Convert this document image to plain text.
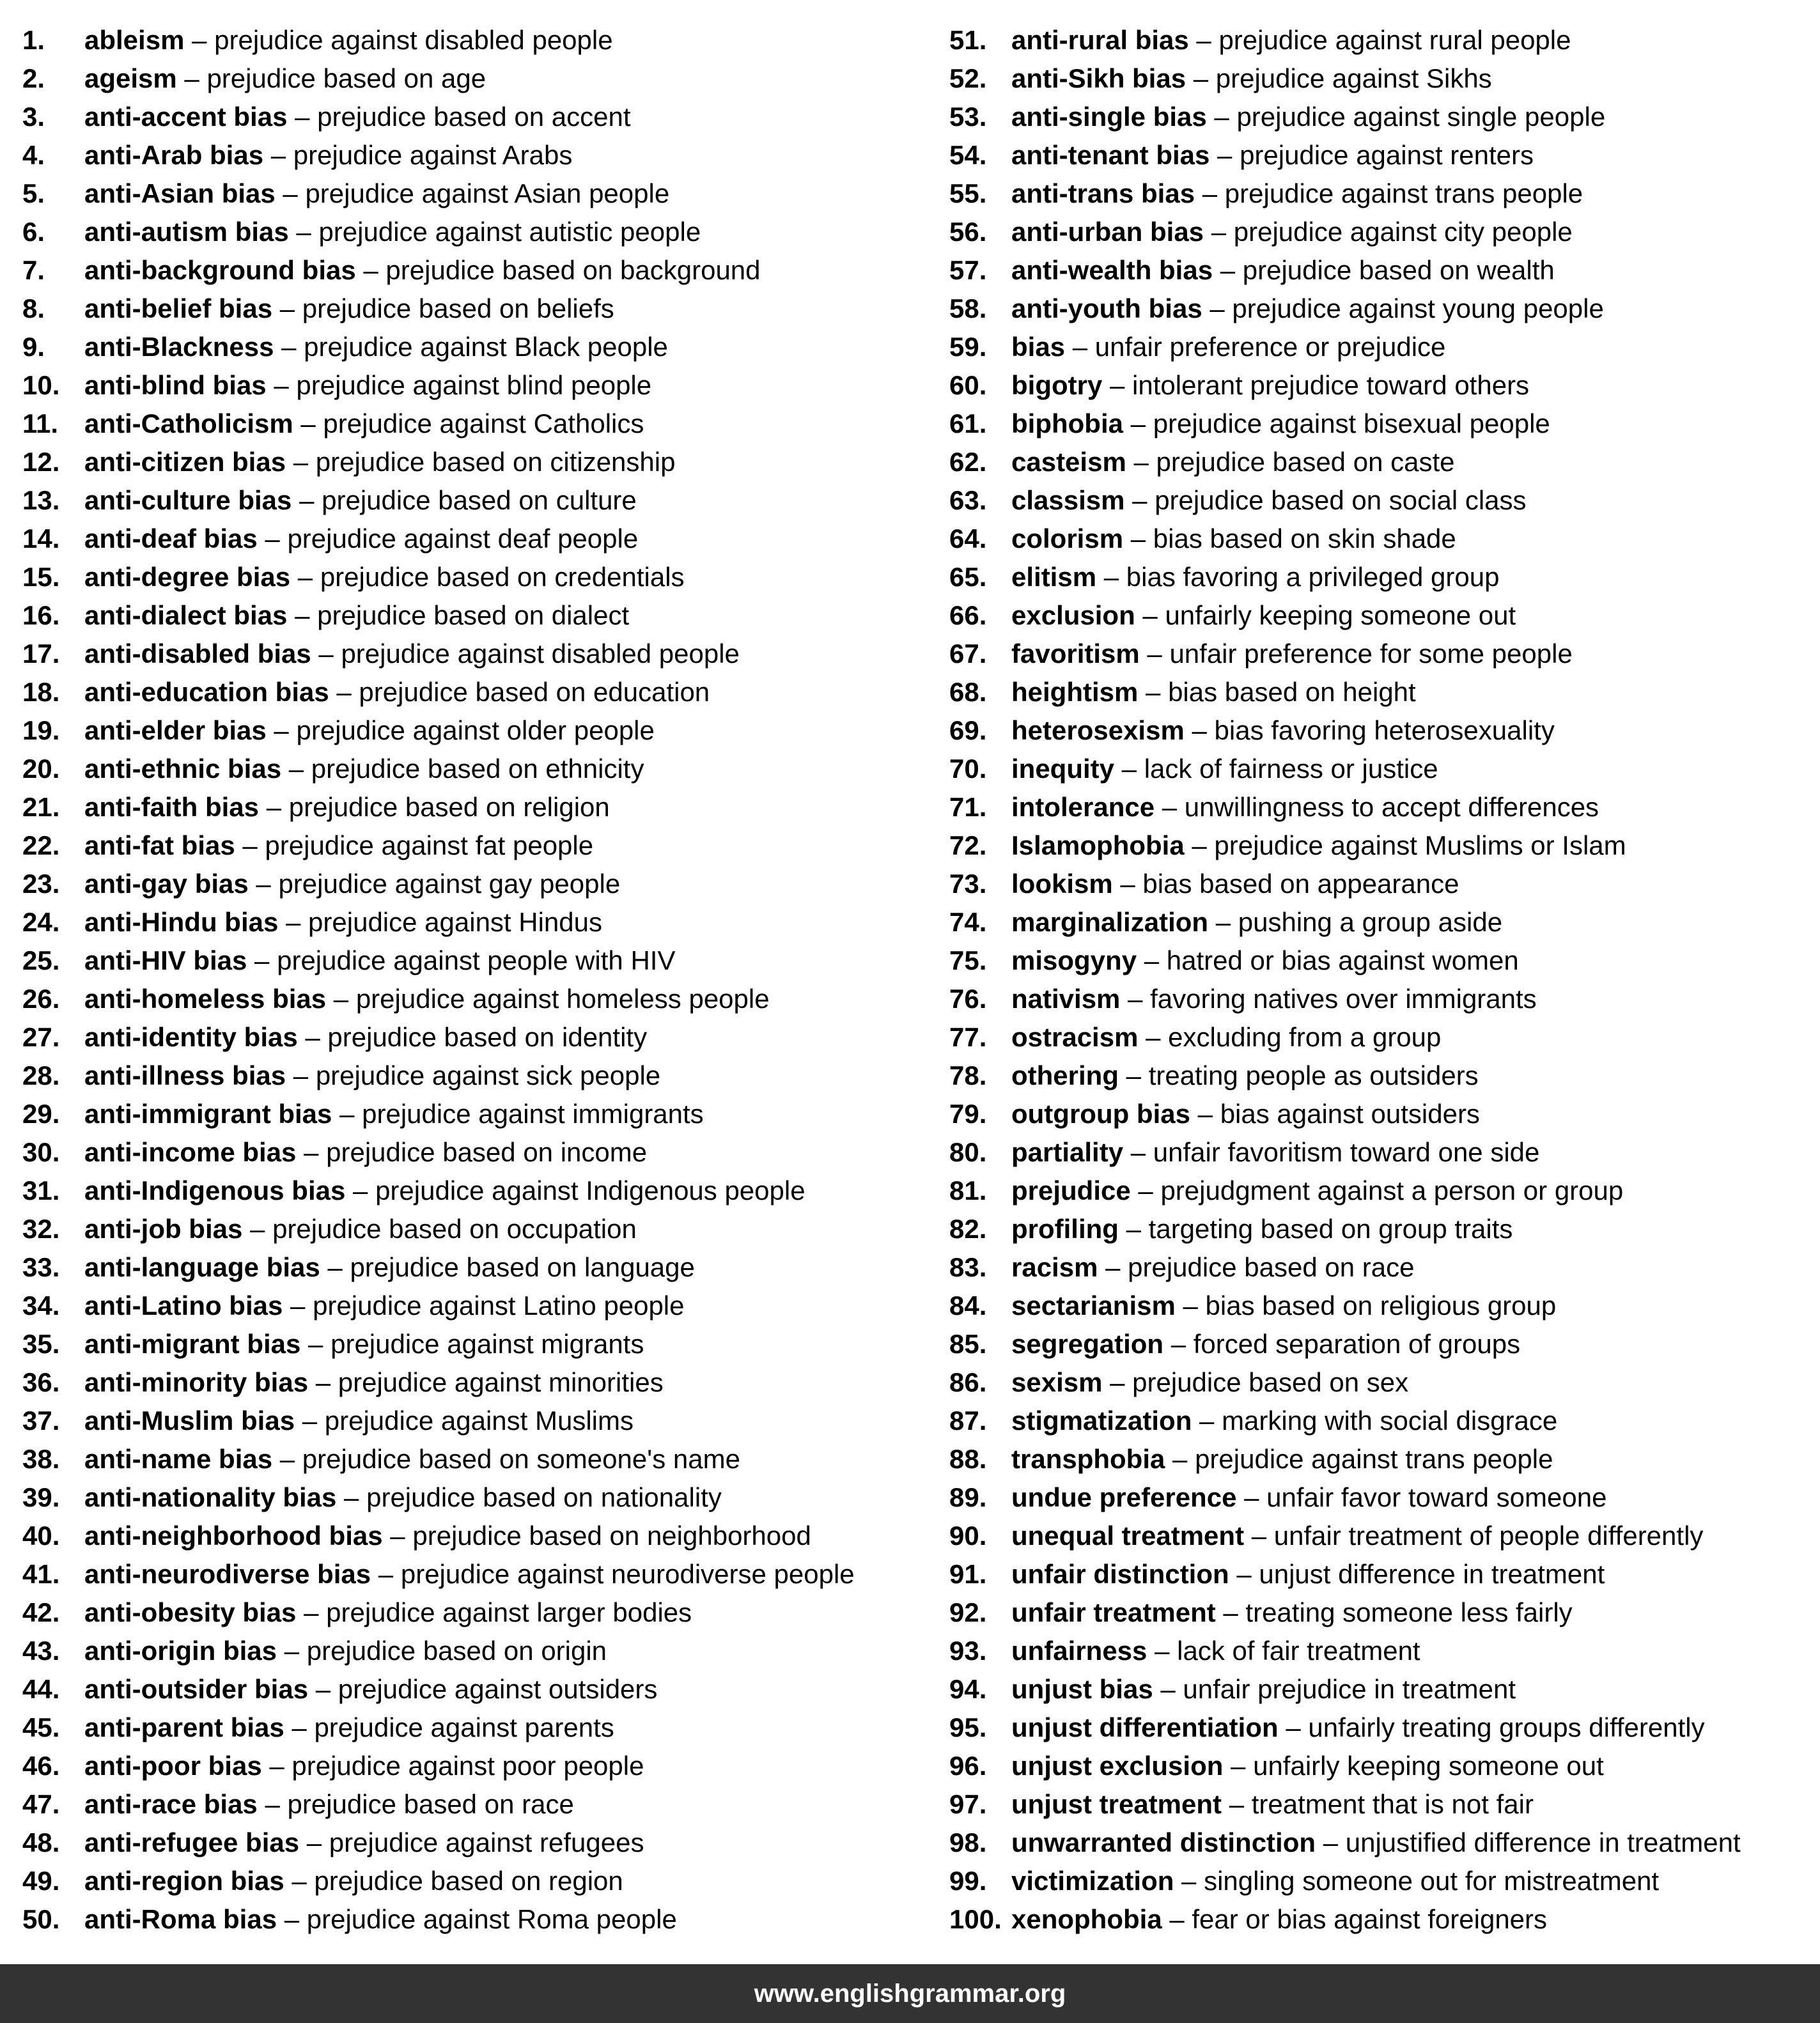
1. ableism – prejudice against disabled people
2. ageism – prejudice based on age
3. anti-accent bias – prejudice based on accent
4. anti-Arab bias – prejudice against Arabs
5. anti-Asian bias – prejudice against Asian people
6. anti-autism bias – prejudice against autistic people
7. anti-background bias – prejudice based on background
8. anti-belief bias – prejudice based on beliefs
9. anti-Blackness – prejudice against Black people
10. anti-blind bias – prejudice against blind people
11. anti-Catholicism – prejudice against Catholics
12. anti-citizen bias – prejudice based on citizenship
13. anti-culture bias – prejudice based on culture
14. anti-deaf bias – prejudice against deaf people
15. anti-degree bias – prejudice based on credentials
16. anti-dialect bias – prejudice based on dialect
17. anti-disabled bias – prejudice against disabled people
18. anti-education bias – prejudice based on education
19. anti-elder bias – prejudice against older people
20. anti-ethnic bias – prejudice based on ethnicity
21. anti-faith bias – prejudice based on religion
22. anti-fat bias – prejudice against fat people
23. anti-gay bias – prejudice against gay people
24. anti-Hindu bias – prejudice against Hindus
25. anti-HIV bias – prejudice against people with HIV
26. anti-homeless bias – prejudice against homeless people
27. anti-identity bias – prejudice based on identity
28. anti-illness bias – prejudice against sick people
29. anti-immigrant bias – prejudice against immigrants
30. anti-income bias – prejudice based on income
31. anti-Indigenous bias – prejudice against Indigenous people
32. anti-job bias – prejudice based on occupation
33. anti-language bias – prejudice based on language
34. anti-Latino bias – prejudice against Latino people
35. anti-migrant bias – prejudice against migrants
36. anti-minority bias – prejudice against minorities
37. anti-Muslim bias – prejudice against Muslims
38. anti-name bias – prejudice based on someone's name
39. anti-nationality bias – prejudice based on nationality
40. anti-neighborhood bias – prejudice based on neighborhood
41. anti-neurodiverse bias – prejudice against neurodiverse people
42. anti-obesity bias – prejudice against larger bodies
43. anti-origin bias – prejudice based on origin
44. anti-outsider bias – prejudice against outsiders
45. anti-parent bias – prejudice against parents
46. anti-poor bias – prejudice against poor people
47. anti-race bias – prejudice based on race
48. anti-refugee bias – prejudice against refugees
49. anti-region bias – prejudice based on region
50. anti-Roma bias – prejudice against Roma people
51. anti-rural bias – prejudice against rural people
52. anti-Sikh bias – prejudice against Sikhs
53. anti-single bias – prejudice against single people
54. anti-tenant bias – prejudice against renters
55. anti-trans bias – prejudice against trans people
56. anti-urban bias – prejudice against city people
57. anti-wealth bias – prejudice based on wealth
58. anti-youth bias – prejudice against young people
59. bias – unfair preference or prejudice
60. bigotry – intolerant prejudice toward others
61. biphobia – prejudice against bisexual people
62. casteism – prejudice based on caste
63. classism – prejudice based on social class
64. colorism – bias based on skin shade
65. elitism – bias favoring a privileged group
66. exclusion – unfairly keeping someone out
67. favoritism – unfair preference for some people
68. heightism – bias based on height
69. heterosexism – bias favoring heterosexuality
70. inequity – lack of fairness or justice
71. intolerance – unwillingness to accept differences
72. Islamophobia – prejudice against Muslims or Islam
73. lookism – bias based on appearance
74. marginalization – pushing a group aside
75. misogyny – hatred or bias against women
76. nativism – favoring natives over immigrants
77. ostracism – excluding from a group
78. othering – treating people as outsiders
79. outgroup bias – bias against outsiders
80. partiality – unfair favoritism toward one side
81. prejudice – prejudgment against a person or group
82. profiling – targeting based on group traits
83. racism – prejudice based on race
84. sectarianism – bias based on religious group
85. segregation – forced separation of groups
86. sexism – prejudice based on sex
87. stigmatization – marking with social disgrace
88. transphobia – prejudice against trans people
89. undue preference – unfair favor toward someone
90. unequal treatment – unfair treatment of people differently
91. unfair distinction – unjust difference in treatment
92. unfair treatment – treating someone less fairly
93. unfairness – lack of fair treatment
94. unjust bias – unfair prejudice in treatment
95. unjust differentiation – unfairly treating groups differently
96. unjust exclusion – unfairly keeping someone out
97. unjust treatment – treatment that is not fair
98. unwarranted distinction – unjustified difference in treatment
99. victimization – singling someone out for mistreatment
100. xenophobia – fear or bias against foreigners
www.englishgrammar.org
